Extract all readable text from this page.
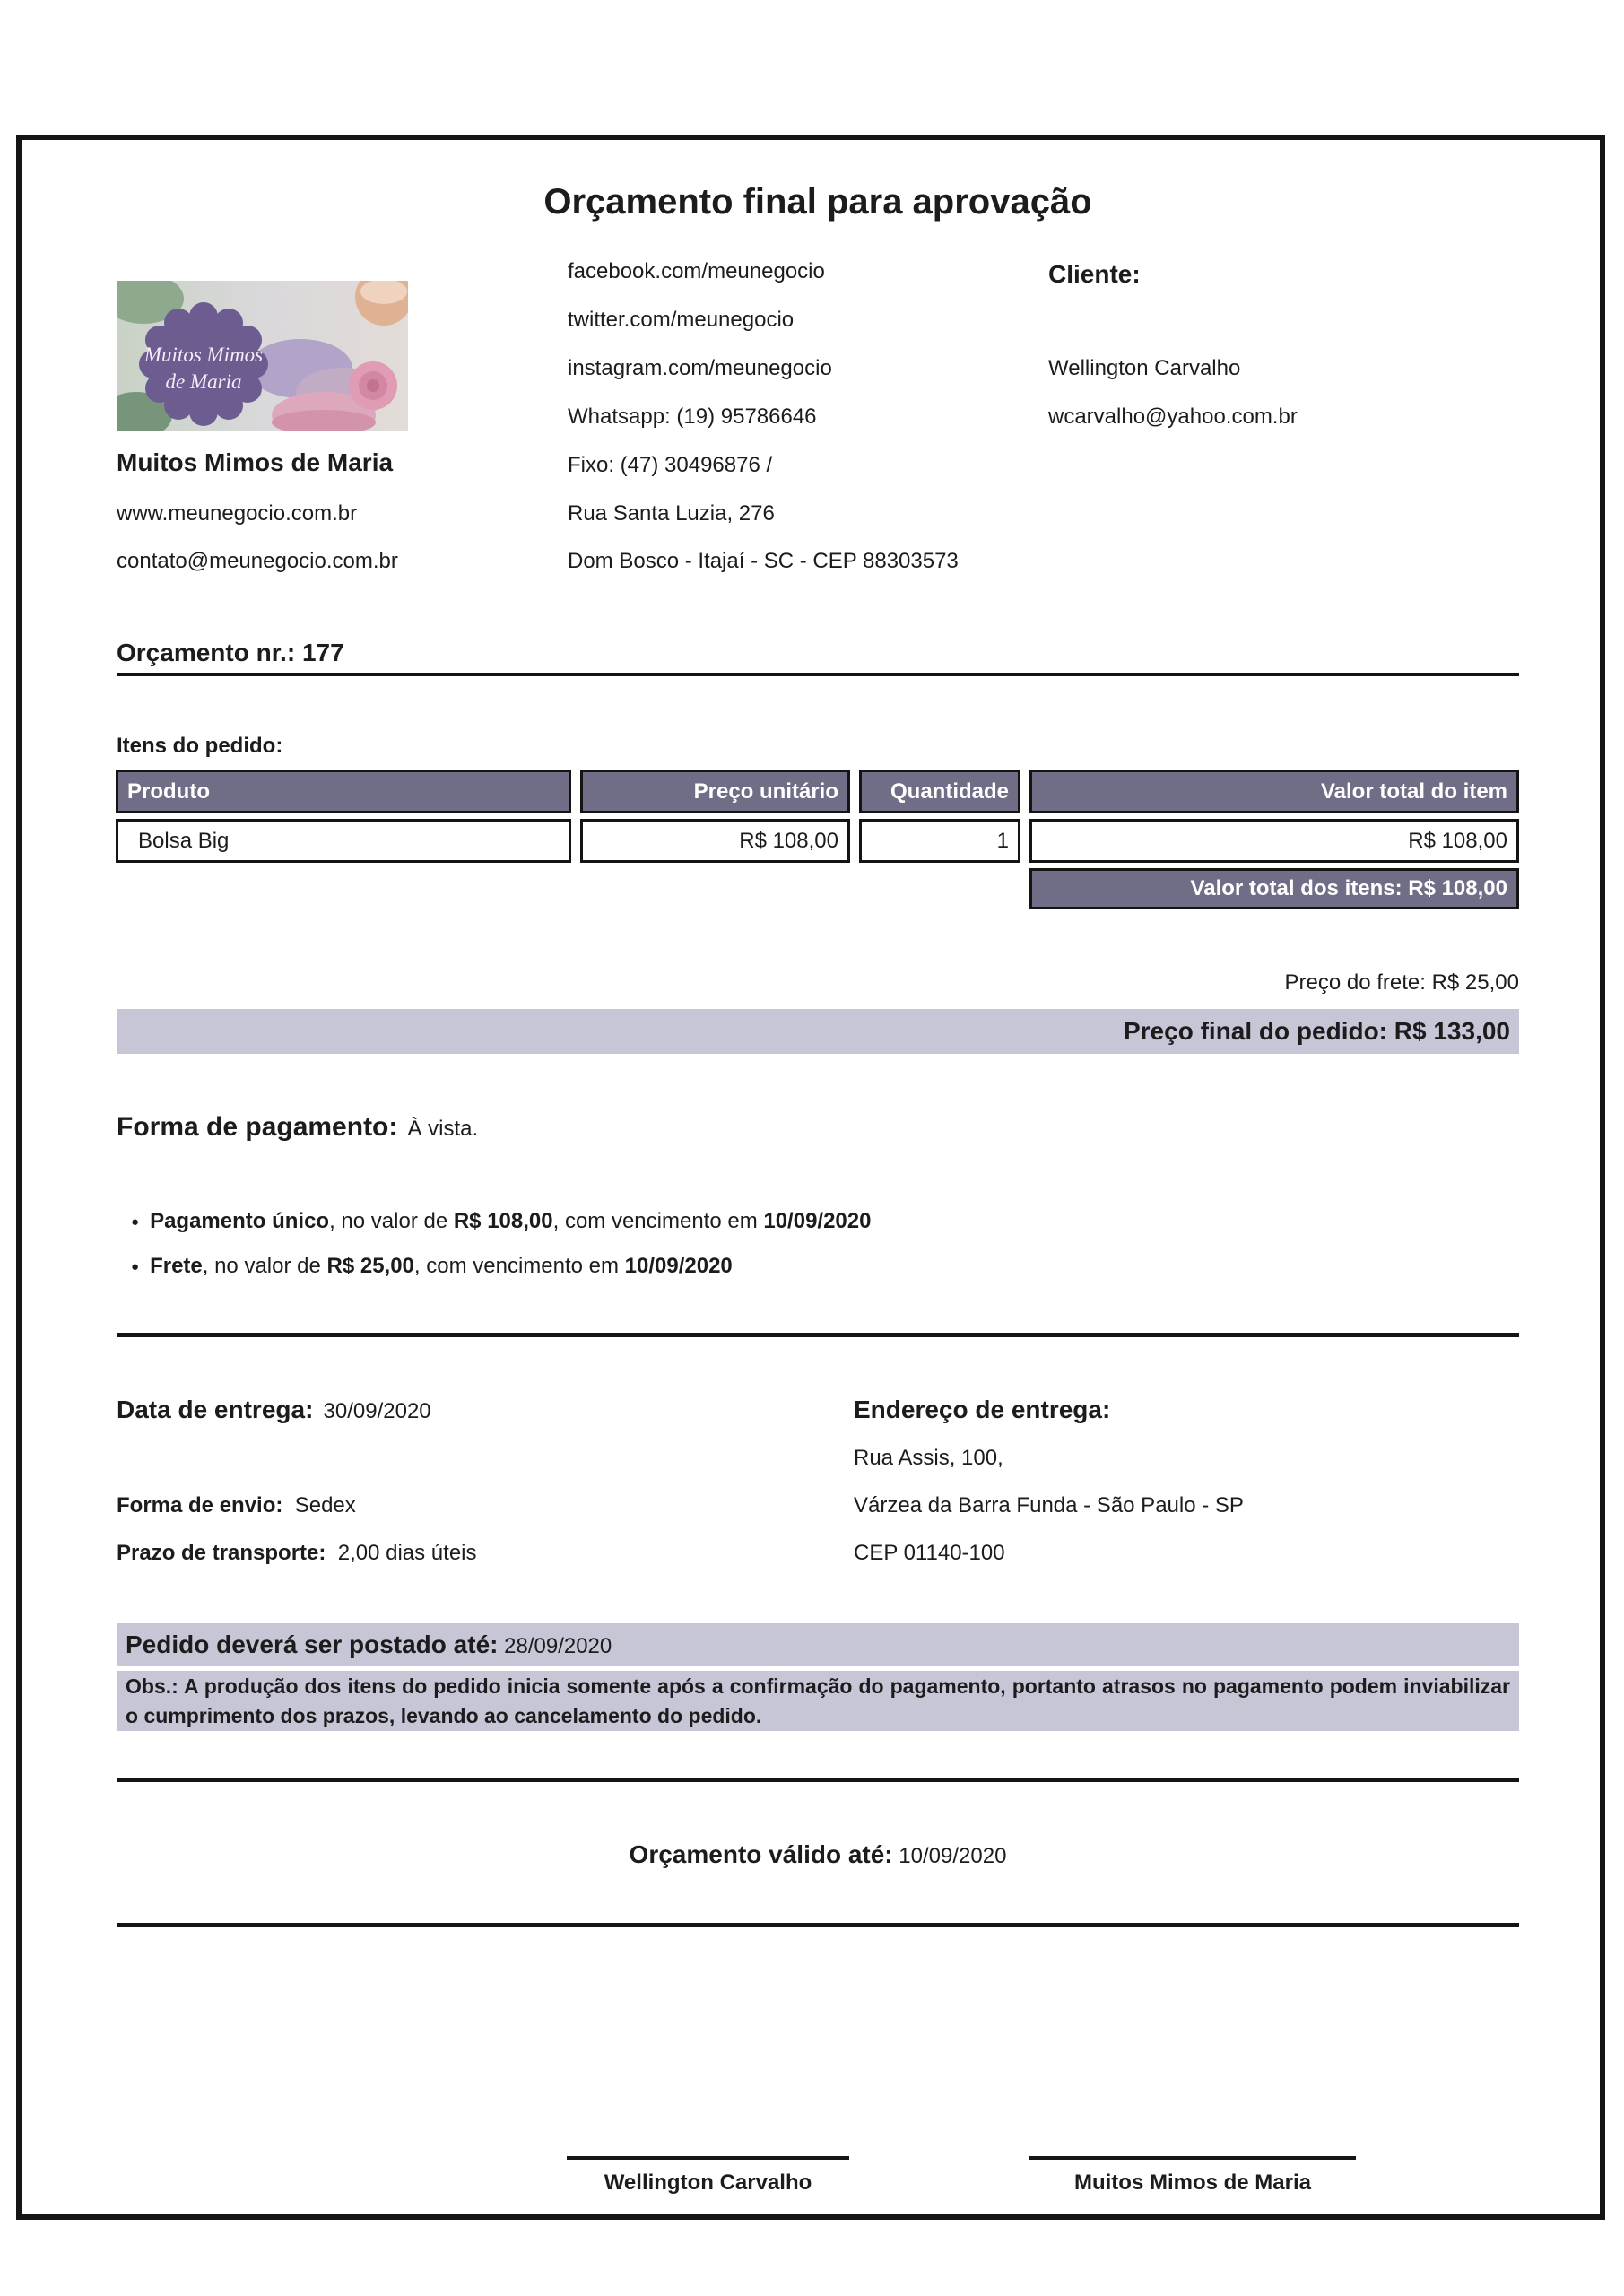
Orçamento final para aprovação
Muitos Mimos
de Maria
Muitos Mimos de Maria
www.meunegocio.com.br
contato@meunegocio.com.br
facebook.com/meunegocio
twitter.com/meunegocio
instagram.com/meunegocio
Whatsapp: (19) 95786646
Fixo: (47) 30496876 /
Rua Santa Luzia, 276
Dom Bosco - Itajaí - SC - CEP 88303573
Cliente:
Wellington Carvalho
wcarvalho@yahoo.com.br
Orçamento nr.: 177
Itens do pedido:
Produto	Preço unitário	Quantidade	Valor total do item
Bolsa Big	R$ 108,00	1	R$ 108,00
Valor total dos itens: R$ 108,00
Preço do frete: R$ 25,00
Preço final do pedido: R$ 133,00
Forma de pagamento: À vista.
● Pagamento único, no valor de R$ 108,00, com vencimento em 10/09/2020
● Frete, no valor de R$ 25,00, com vencimento em 10/09/2020
Data de entrega: 30/09/2020	Endereço de entrega:
Rua Assis, 100,
Forma de envio: Sedex	Várzea da Barra Funda - São Paulo - SP
Prazo de transporte: 2,00 dias úteis	CEP 01140-100
Pedido deverá ser postado até: 28/09/2020
Obs.: A produção dos itens do pedido inicia somente após a confirmação do pagamento, portanto atrasos no pagamento podem inviabilizar o cumprimento dos prazos, levando ao cancelamento do pedido.
Orçamento válido até: 10/09/2020
Wellington Carvalho	Muitos Mimos de Maria
